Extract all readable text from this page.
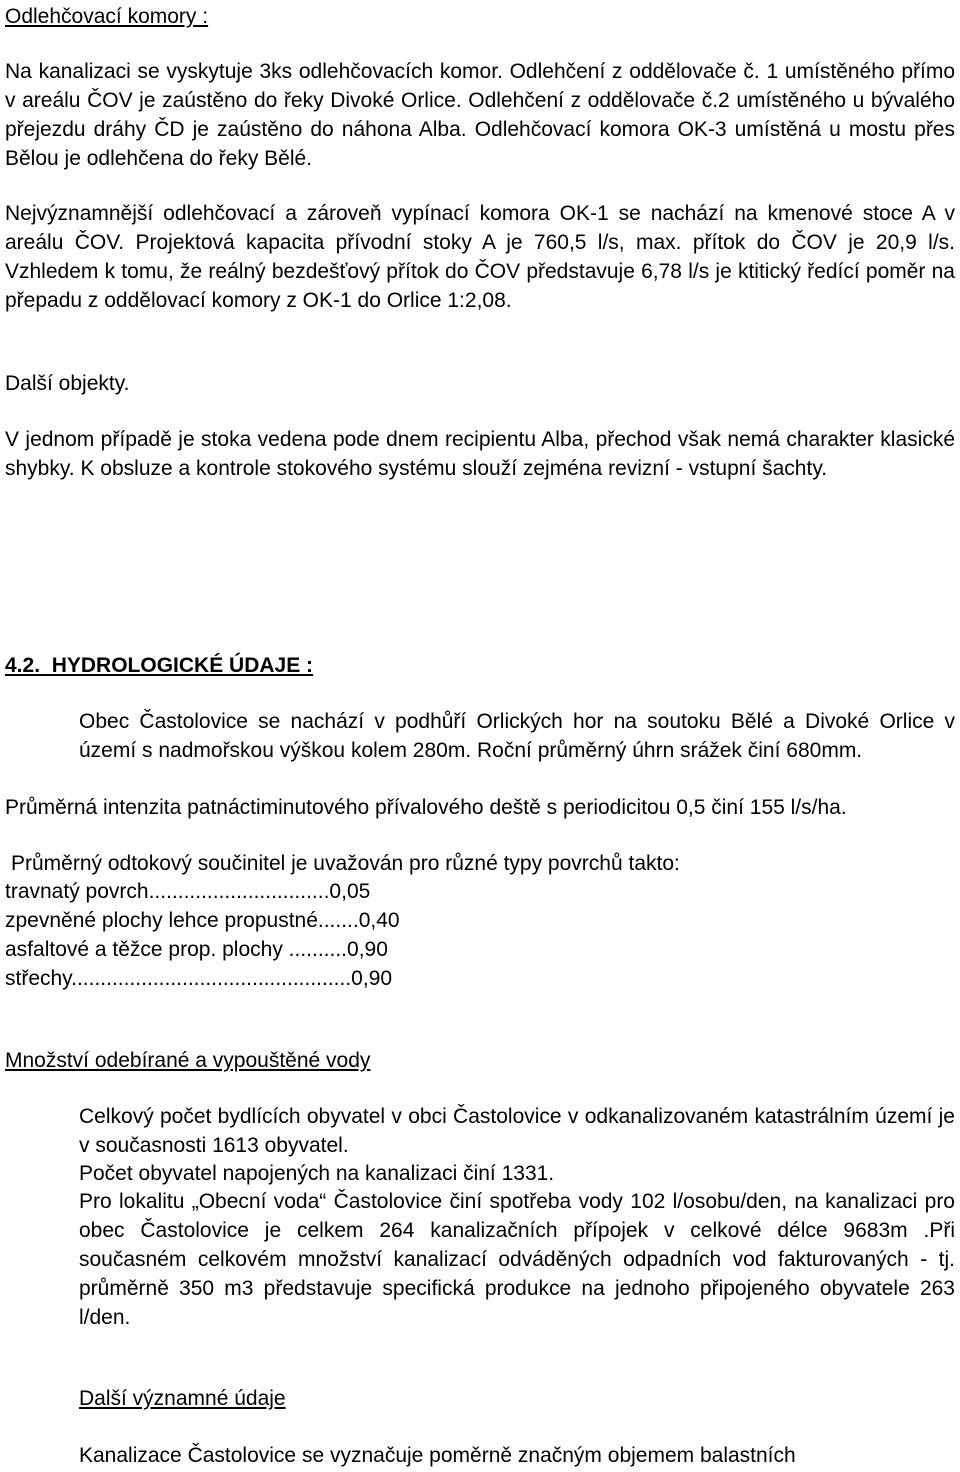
Odlehčovací komory :

Na kanalizaci se vyskytuje 3ks odlehčovacích komor. Odlehčení z oddělovače č. 1 umístěného přímo v areálu ČOV je zaústěno do řeky Divoké Orlice. Odlehčení z oddělovače č.2 umístěného u bývalého přejezdu dráhy ČD je zaústěno do náhona Alba. Odlehčovací komora OK-3 umístěná u mostu přes Bělou je odlehčena do řeky Bělé.

Nejvýznamnější odlehčovací a zároveň vypínací komora OK-1 se nachází na kmenové stoce A v areálu ČOV. Projektová kapacita přívodní stoky A je 760,5 l/s, max. přítok do ČOV je 20,9 l/s. Vzhledem k tomu, že reálný bezdešťový přítok do ČOV představuje 6,78 l/s je ktitický ředící poměr na přepadu z oddělovací komory z OK-1 do Orlice 1:2,08.

Další objekty.

V jednom případě je stoka vedena pode dnem recipientu Alba, přechod však nemá charakter klasické shybky. K obsluze a kontrole stokového systému slouží zejména revizní - vstupní šachty.

4.2.  HYDROLOGICKÉ ÚDAJE :

Obec Častolovice se nachází v podhůří Orlických hor na soutoku Bělé a Divoké Orlice v území s nadmořskou výškou kolem 280m. Roční průměrný úhrn srážek činí 680mm.

Průměrná intenzita patnáctiminutového přívalového deště s periodicitou 0,5 činí 155 l/s/ha.

Průměrný odtokový součinitel je uvažován pro různé typy povrchů takto:

travnatý povrch...............................0,05

zpevněné plochy lehce propustné.......0,40

asfaltové a těžce prop. plochy ..........0,90

střechy................................................0,90

Množství odebírané a vypouštěné vody

Celkový počet bydlících obyvatel v obci Častolovice v odkanalizovaném katastrálním území je v současnosti 1613 obyvatel.

Počet obyvatel napojených na kanalizaci činí 1331.

Pro lokalitu „Obecní voda“ Častolovice činí spotřeba vody 102 l/osobu/den, na kanalizaci pro obec Častolovice je celkem 264 kanalizačních přípojek v celkové délce 9683m .Při současném celkovém množství kanalizací odváděných odpadních vod fakturovaných - tj. průměrně 350 m3 představuje specifická produkce na jednoho připojeného obyvatele 263 l/den.

Další významné údaje

Kanalizace Častolovice se vyznačuje poměrně značným objemem balastních
